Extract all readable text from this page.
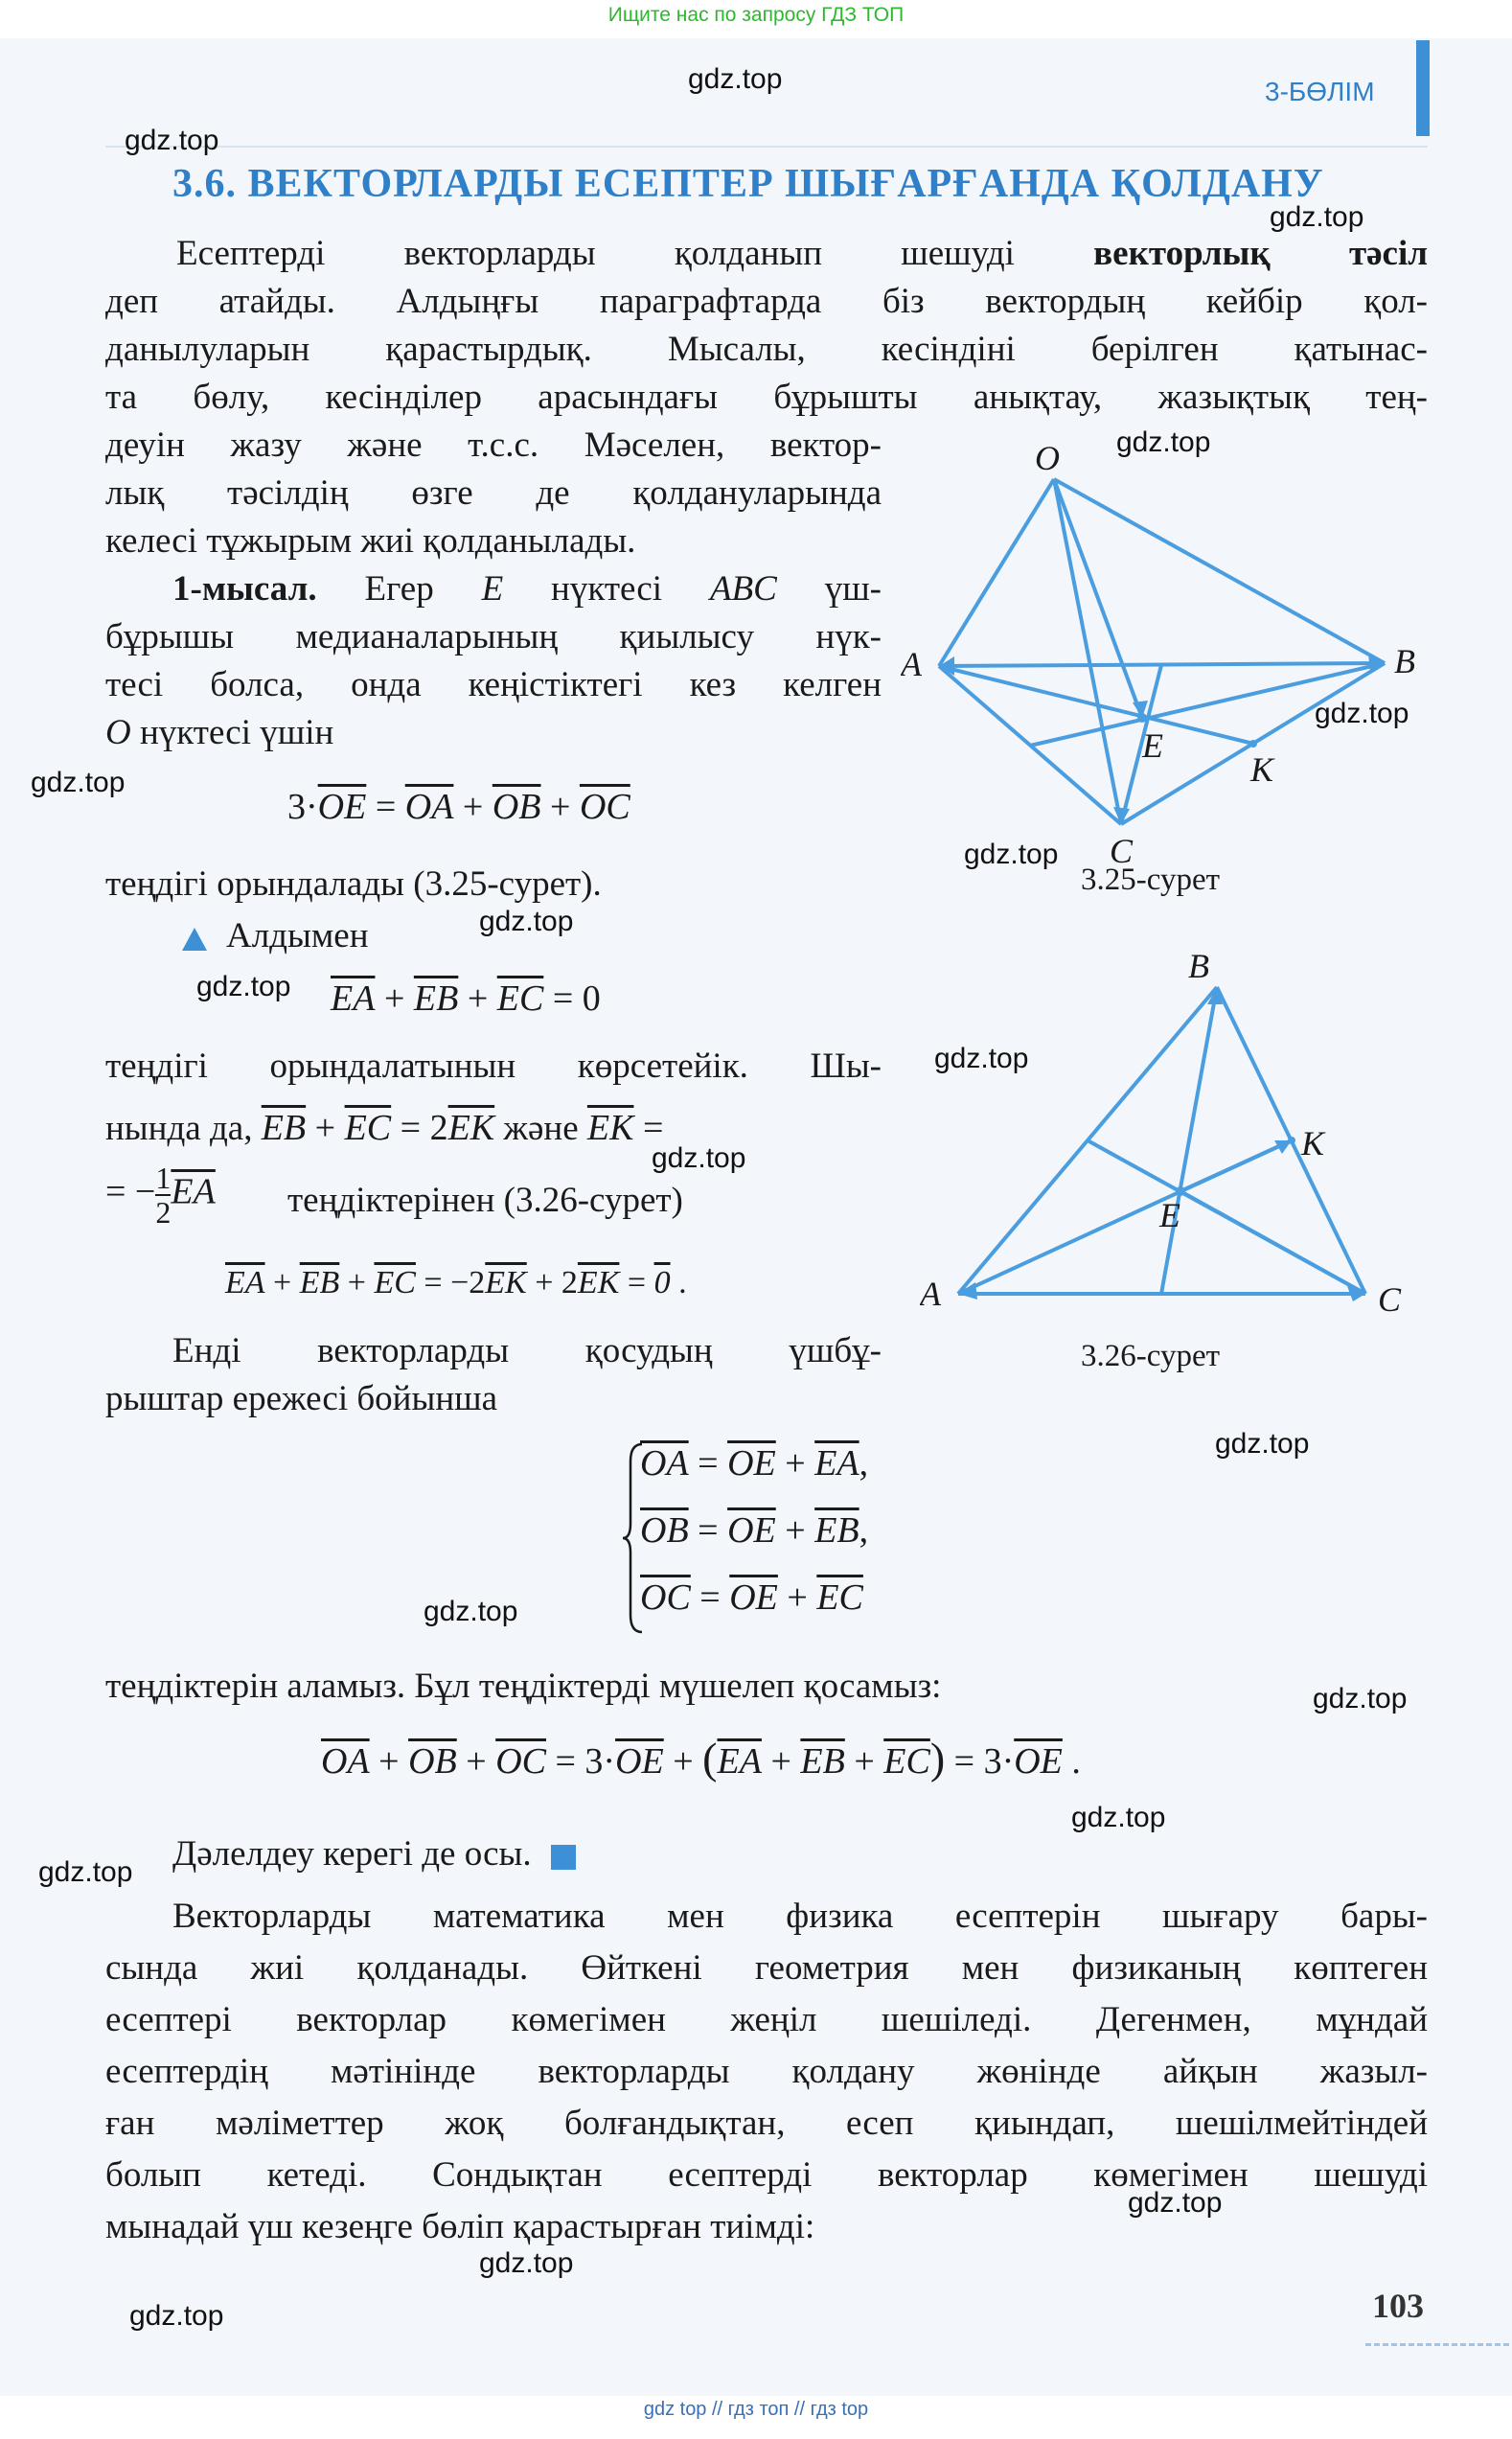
Ищите нас по запросу ГДЗ ТОП
3-БӨЛІМ
3.6. ВЕКТОРЛАРДЫ ЕСЕПТЕР ШЫҒАРҒАНДА ҚОЛДАНУ
Есептерді векторларды қолданып шешуді векторлық тәсіл
деп атайды. Алдыңғы параграфтарда біз вектордың кейбір қол-
данылуларын қарастырдық. Мысалы, кесіндіні берілген қатынас-
та бөлу, кесінділер арасындағы бұрышты анықтау, жазықтық тең-
деуін жазу және т.с.с. Мәселен, вектор-
лық тәсілдің өзге де қолдануларында
келесі тұжырым жиі қолданылады.
1-мысал. Егер E нүктесі ABC үш-
бұрышы медианаларының қиылысу нүк-
тесі болса, онда кеңістіктегі кез келген
O нүктесі үшін
$3\cdot\overline{OE} = \overline{OA} + \overline{OB} + \overline{OC}$
теңдігі орындалады (3.25-сурет).
Алдымен
$\overline{EA} + \overline{EB} + \overline{EC} = 0$
теңдігі орындалатынын көрсетейік. Шы-
нында да, $\overline{EB} + \overline{EC} = 2\overline{EK}$ және $\overline{EK}$ =
= − $\frac{1}{2} \overline{EA}$ теңдіктерінен (3.26-сурет)
$\overline{EA} + \overline{EB} + \overline{EC} = -2\overline{EK} + 2\overline{EK} = 0$ .
Енді векторларды қосудың үшбұ-
рыштар ережесі бойынша
$\overline{OA} = \overline{OE} + \overline{EA}$,
$\overline{OB} = \overline{OE} + \overline{EB}$,
$\overline{OC} = \overline{OE} + \overline{EC}$
теңдіктерін аламыз. Бұл теңдіктерді мүшелеп қосамыз:
$\overline{OA} + \overline{OB} + \overline{OC} = 3\cdot\overline{OE} + (\overline{EA} + \overline{EB} + \overline{EC}) = 3\cdot\overline{OE}$ .
Дәлелдеу керегі де осы.
Векторларды математика мен физика есептерін шығару бары-
сында жиі қолданады. Өйткені геометрия мен физиканың көптеген
есептері векторлар көмегімен жеңіл шешіледі. Дегенмен, мұндай
есептердің мәтінінде векторларды қолдану жөнінде айқын жазыл-
ған мәліметтер жоқ болғандықтан, есеп қиындап, шешілмейтіндей
болып кетеді. Сондықтан есептерді векторлар көмегімен шешуді
мынадай үш кезеңге бөліп қарастырған тиімді:
O
A	B
C
E
K
3.25-сурет
B
A	C
E
K
3.26-сурет
gdz.top
gdz.top
gdz.top
gdz.top
gdz.top
gdz.top
gdz.top
gdz.top
gdz.top
gdz.top
gdz.top
gdz.top
gdz.top
gdz.top
gdz.top
gdz.top
gdz.top
gdz.top
gdz.top	103
gdz top // гдз топ // гдз top
